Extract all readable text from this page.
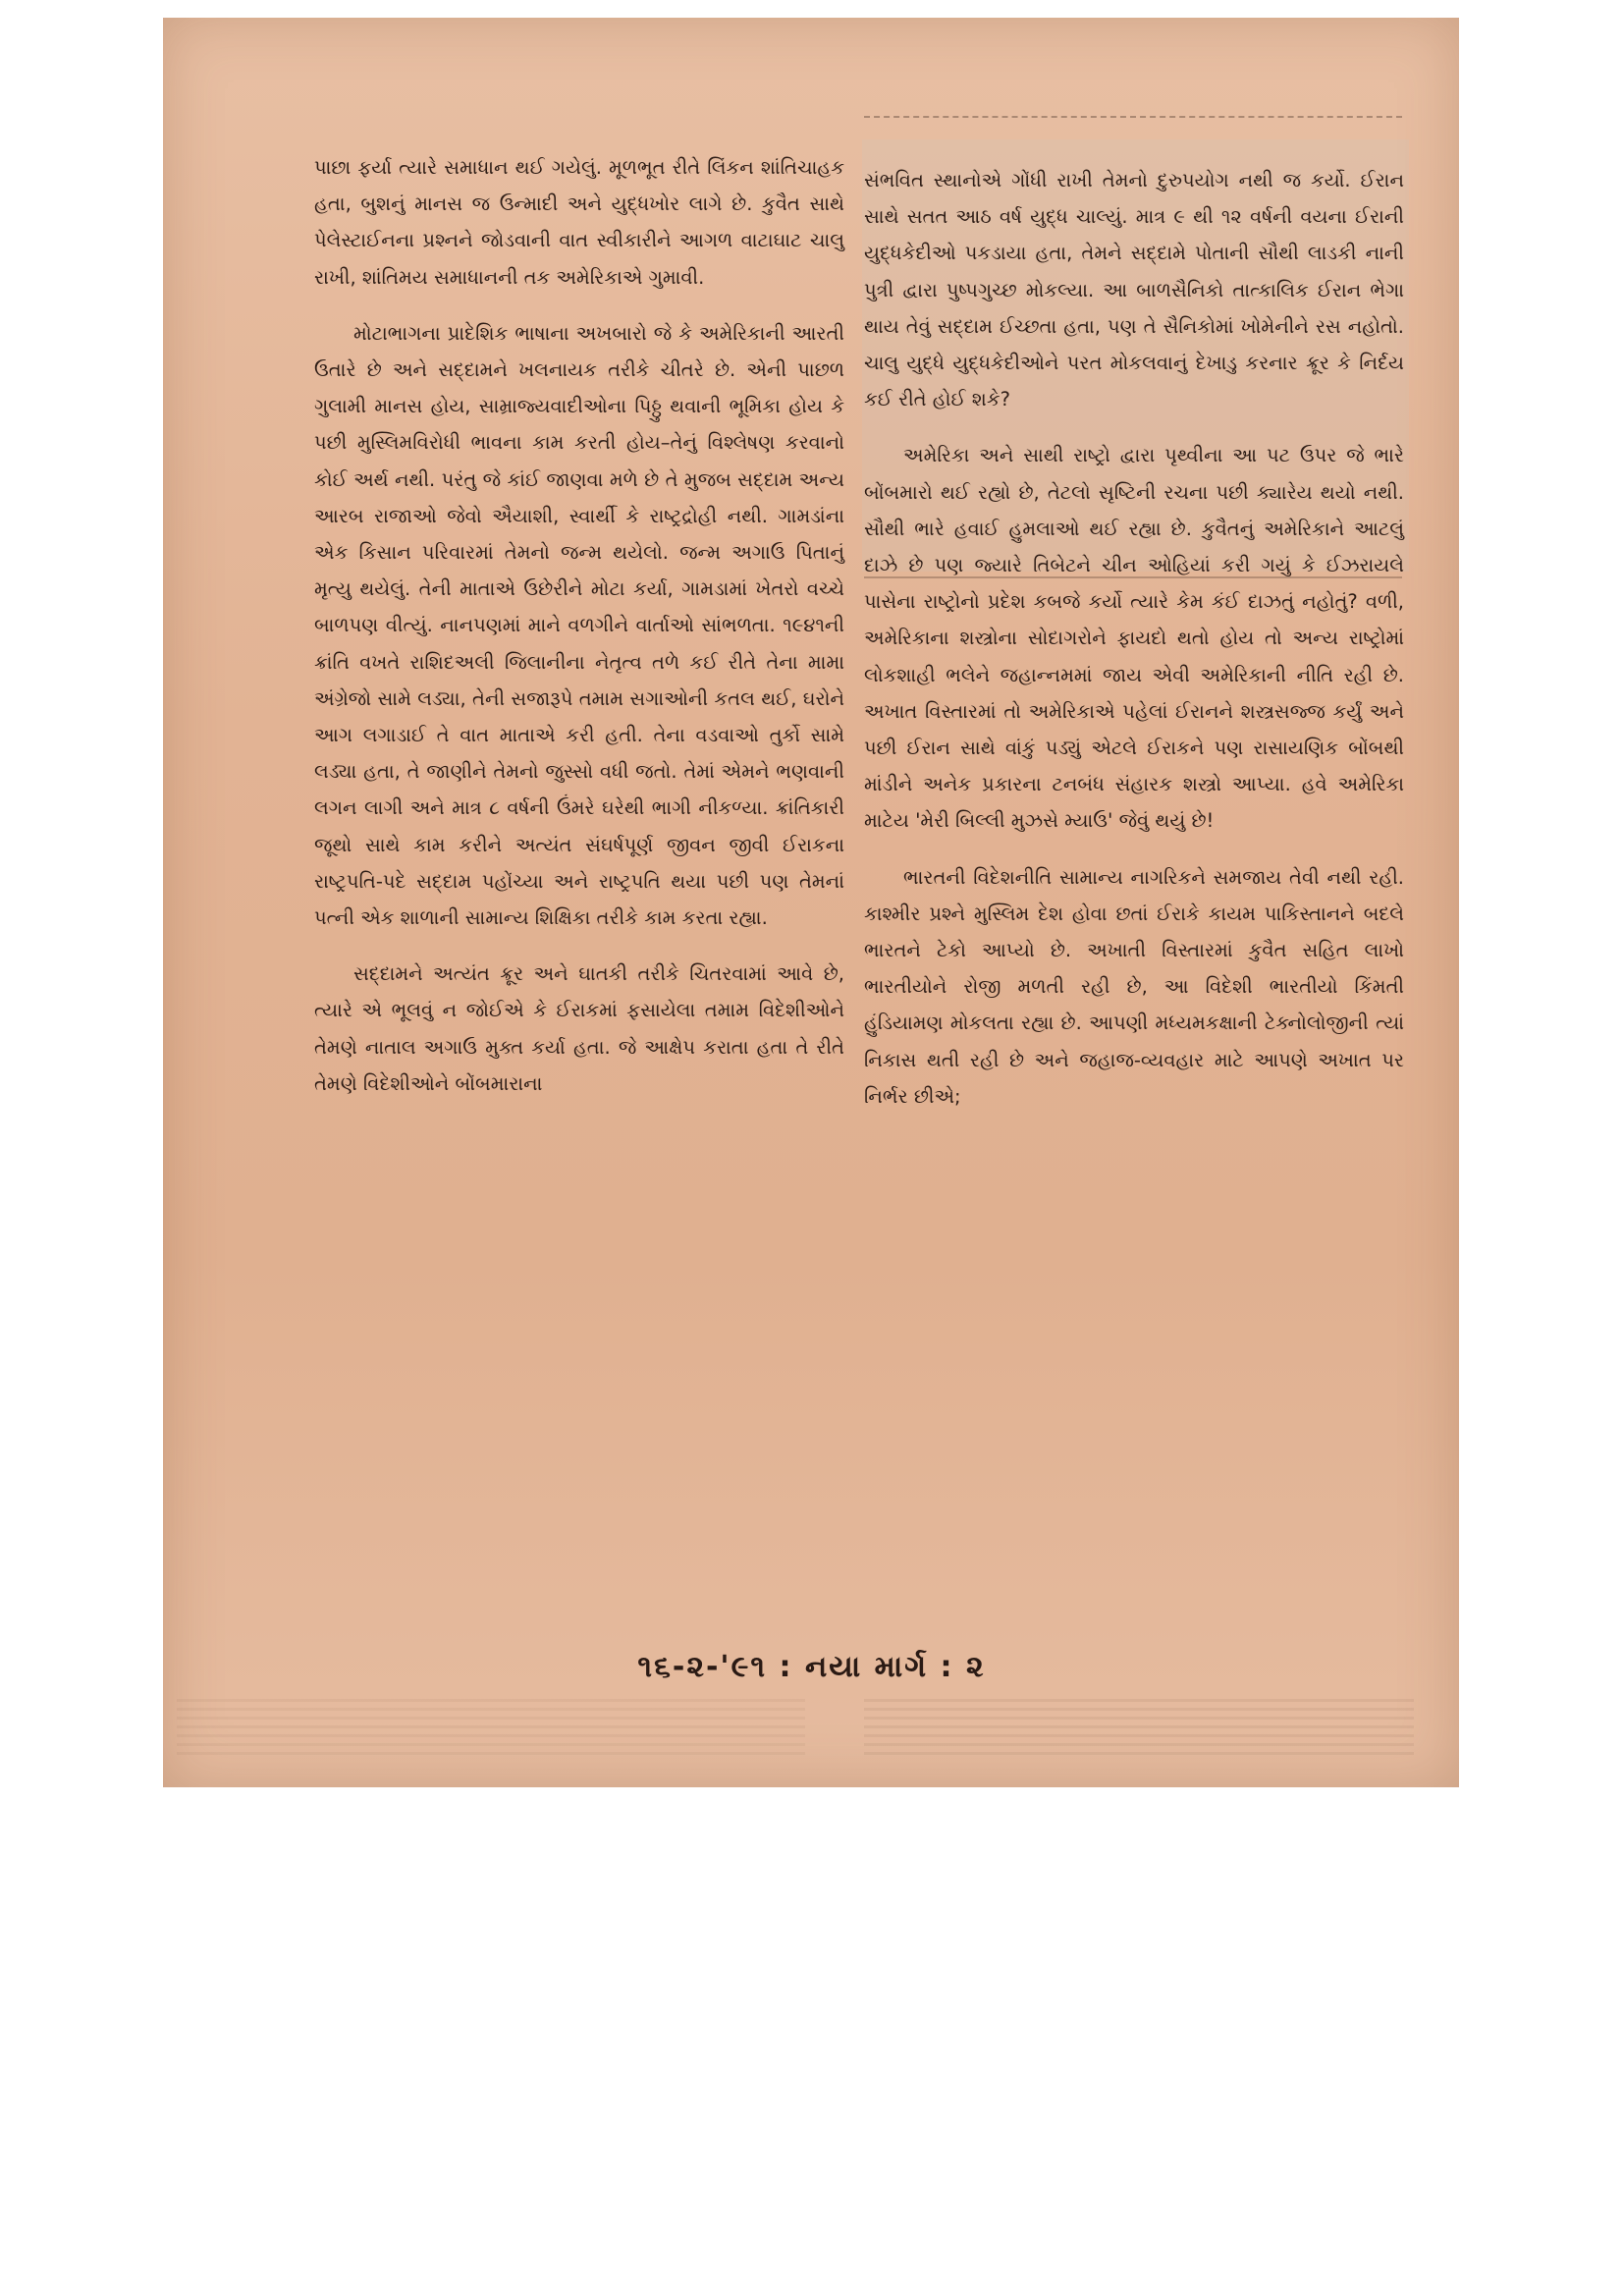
પાછા ફર્યા ત્યારે સમાધાન થઈ ગયેલું. મૂળભૂત રીતે લિંકન શાંતિચાહક હતા, બુશનું માનસ જ ઉન્માદી અને યુદ્ધખોર લાગે છે. કુવૈત સાથે પેલેસ્ટાઈનના પ્રશ્નને જોડવાની વાત સ્વીકારીને આગળ વાટાઘાટ ચાલુ રાખી, શાંતિમય સમાધાનની તક અમેરિકાએ ગુમાવી.

મોટાભાગના પ્રાદેશિક ભાષાના અખબારો જે કે અમેરિકાની આરતી ઉતારે છે અને સદ્દામને ખલનાયક તરીકે ચીતરે છે. એની પાછળ ગુલામી માનસ હોય, સામ્રાજ્યવાદીઓના પિઠ્ઠુ થવાની ભૂમિકા હોય કે પછી મુસ્લિમવિરોધી ભાવના કામ કરતી હોય–તેનું વિશ્લેષણ કરવાનો કોઈ અર્થ નથી. પરંતુ જે કાંઈ જાણવા મળે છે તે મુજબ સદ્દામ અન્ય આરબ રાજાઓ જેવો ઐયાશી, સ્વાર્થી કે રાષ્ટ્રદ્રોહી નથી. ગામડાંના એક કિસાન પરિવારમાં તેમનો જન્મ થયેલો. જન્મ અગાઉ પિતાનું મૃત્યુ થયેલું. તેની માતાએ ઉછેરીને મોટા કર્યા, ગામડામાં ખેતરો વચ્ચે બાળપણ વીત્યું. નાનપણમાં માને વળગીને વાર્તાઓ સાંભળતા. ૧૯૪૧ની ક્રાંતિ વખતે રાશિદઅલી જિલાનીના નેતૃત્વ તળે કઈ રીતે તેના મામા અંગ્રેજો સામે લડ્યા, તેની સજારૂપે તમામ સગાઓની કતલ થઈ, ઘરોને આગ લગાડાઈ તે વાત માતાએ કરી હતી. તેના વડવાઓ તુર્કો સામે લડ્યા હતા, તે જાણીને તેમનો જુસ્સો વધી જતો. તેમાં એમને ભણવાની લગન લાગી અને માત્ર ૮ વર્ષની ઉંમરે ઘરેથી ભાગી નીકળ્યા. ક્રાંતિકારી જૂથો સાથે કામ કરીને અત્યંત સંઘર્ષપૂર્ણ જીવન જીવી ઈરાકના રાષ્ટ્રપતિ-પદે સદ્દામ પહોંચ્યા અને રાષ્ટ્રપતિ થયા પછી પણ તેમનાં પત્ની એક શાળાની સામાન્ય શિક્ષિકા તરીકે કામ કરતા રહ્યા.

સદ્દામને અત્યંત ક્રૂર અને ઘાતકી તરીકે ચિતરવામાં આવે છે, ત્યારે એ ભૂલવું ન જોઈએ કે ઈરાકમાં ફસાયેલા તમામ વિદેશીઓને તેમણે નાતાલ અગાઉ મુક્ત કર્યા હતા. જે આક્ષેપ કરાતા હતા તે રીતે તેમણે વિદેશીઓને બોંબમારાના

સંભવિત સ્થાનોએ ગોંધી રાખી તેમનો દુરુપયોગ નથી જ કર્યો. ઈરાન સાથે સતત આઠ વર્ષ યુદ્ધ ચાલ્યું. માત્ર ૯ થી ૧૨ વર્ષની વયના ઈરાની યુદ્ધકેદીઓ પકડાયા હતા, તેમને સદ્દામે પોતાની સૌથી લાડકી નાની પુત્રી દ્વારા પુષ્પગુચ્છ મોકલ્યા. આ બાળસૈનિકો તાત્કાલિક ઈરાન ભેગા થાય તેવું સદ્દામ ઈચ્છતા હતા, પણ તે સૈનિકોમાં ખોમેનીને રસ નહોતો. ચાલુ યુદ્ધે યુદ્ધકેદીઓને પરત મોકલવાનું દેખાડુ કરનાર ક્રૂર કે નિર્દય કઈ રીતે હોઈ શકે?

અમેરિકા અને સાથી રાષ્ટ્રો દ્વારા પૃથ્વીના આ પટ ઉપર જે ભારે બોંબમારો થઈ રહ્યો છે, તેટલો સૃષ્ટિની રચના પછી ક્યારેય થયો નથી. સૌથી ભારે હવાઈ હુમલાઓ થઈ રહ્યા છે. કુવૈતનું અમેરિકાને આટલું દાઝે છે પણ જ્યારે તિબેટને ચીન ઓહિયાં કરી ગયું કે ઈઝરાયલે પાસેના રાષ્ટ્રોનો પ્રદેશ કબજે કર્યો ત્યારે કેમ કંઈ દાઝતું નહોતું? વળી, અમેરિકાના શસ્ત્રોના સોદાગરોને ફાયદો થતો હોય તો અન્ય રાષ્ટ્રોમાં લોકશાહી ભલેને જહાન્નમમાં જાય એવી અમેરિકાની નીતિ રહી છે. અખાત વિસ્તારમાં તો અમેરિકાએ પહેલાં ઈરાનને શસ્ત્રસજ્જ કર્યું અને પછી ઈરાન સાથે વાંકું પડ્યું એટલે ઈરાકને પણ રાસાયણિક બોંબથી માંડીને અનેક પ્રકારના ટનબંધ સંહારક શસ્ત્રો આપ્યા. હવે અમેરિકા માટેય 'મેરી બિલ્લી મુઝસે મ્યાઉ' જેવું થયું છે!

ભારતની વિદેશનીતિ સામાન્ય નાગરિકને સમજાય તેવી નથી રહી. કાશ્મીર પ્રશ્ને મુસ્લિમ દેશ હોવા છતાં ઈરાકે કાયમ પાકિસ્તાનને બદલે ભારતને ટેકો આપ્યો છે. અખાતી વિસ્તારમાં કુવૈત સહિત લાખો ભારતીયોને રોજી મળતી રહી છે, આ વિદેશી ભારતીયો કિંમતી હુંડિયામણ મોકલતા રહ્યા છે. આપણી મધ્યમકક્ષાની ટેક્નોલોજીની ત્યાં નિકાસ થતી રહી છે અને જહાજ-વ્યવહાર માટે આપણે અખાત પર નિર્ભર છીએ;

૧૬-૨-'૯૧ : નયા માર્ગ : ૨
